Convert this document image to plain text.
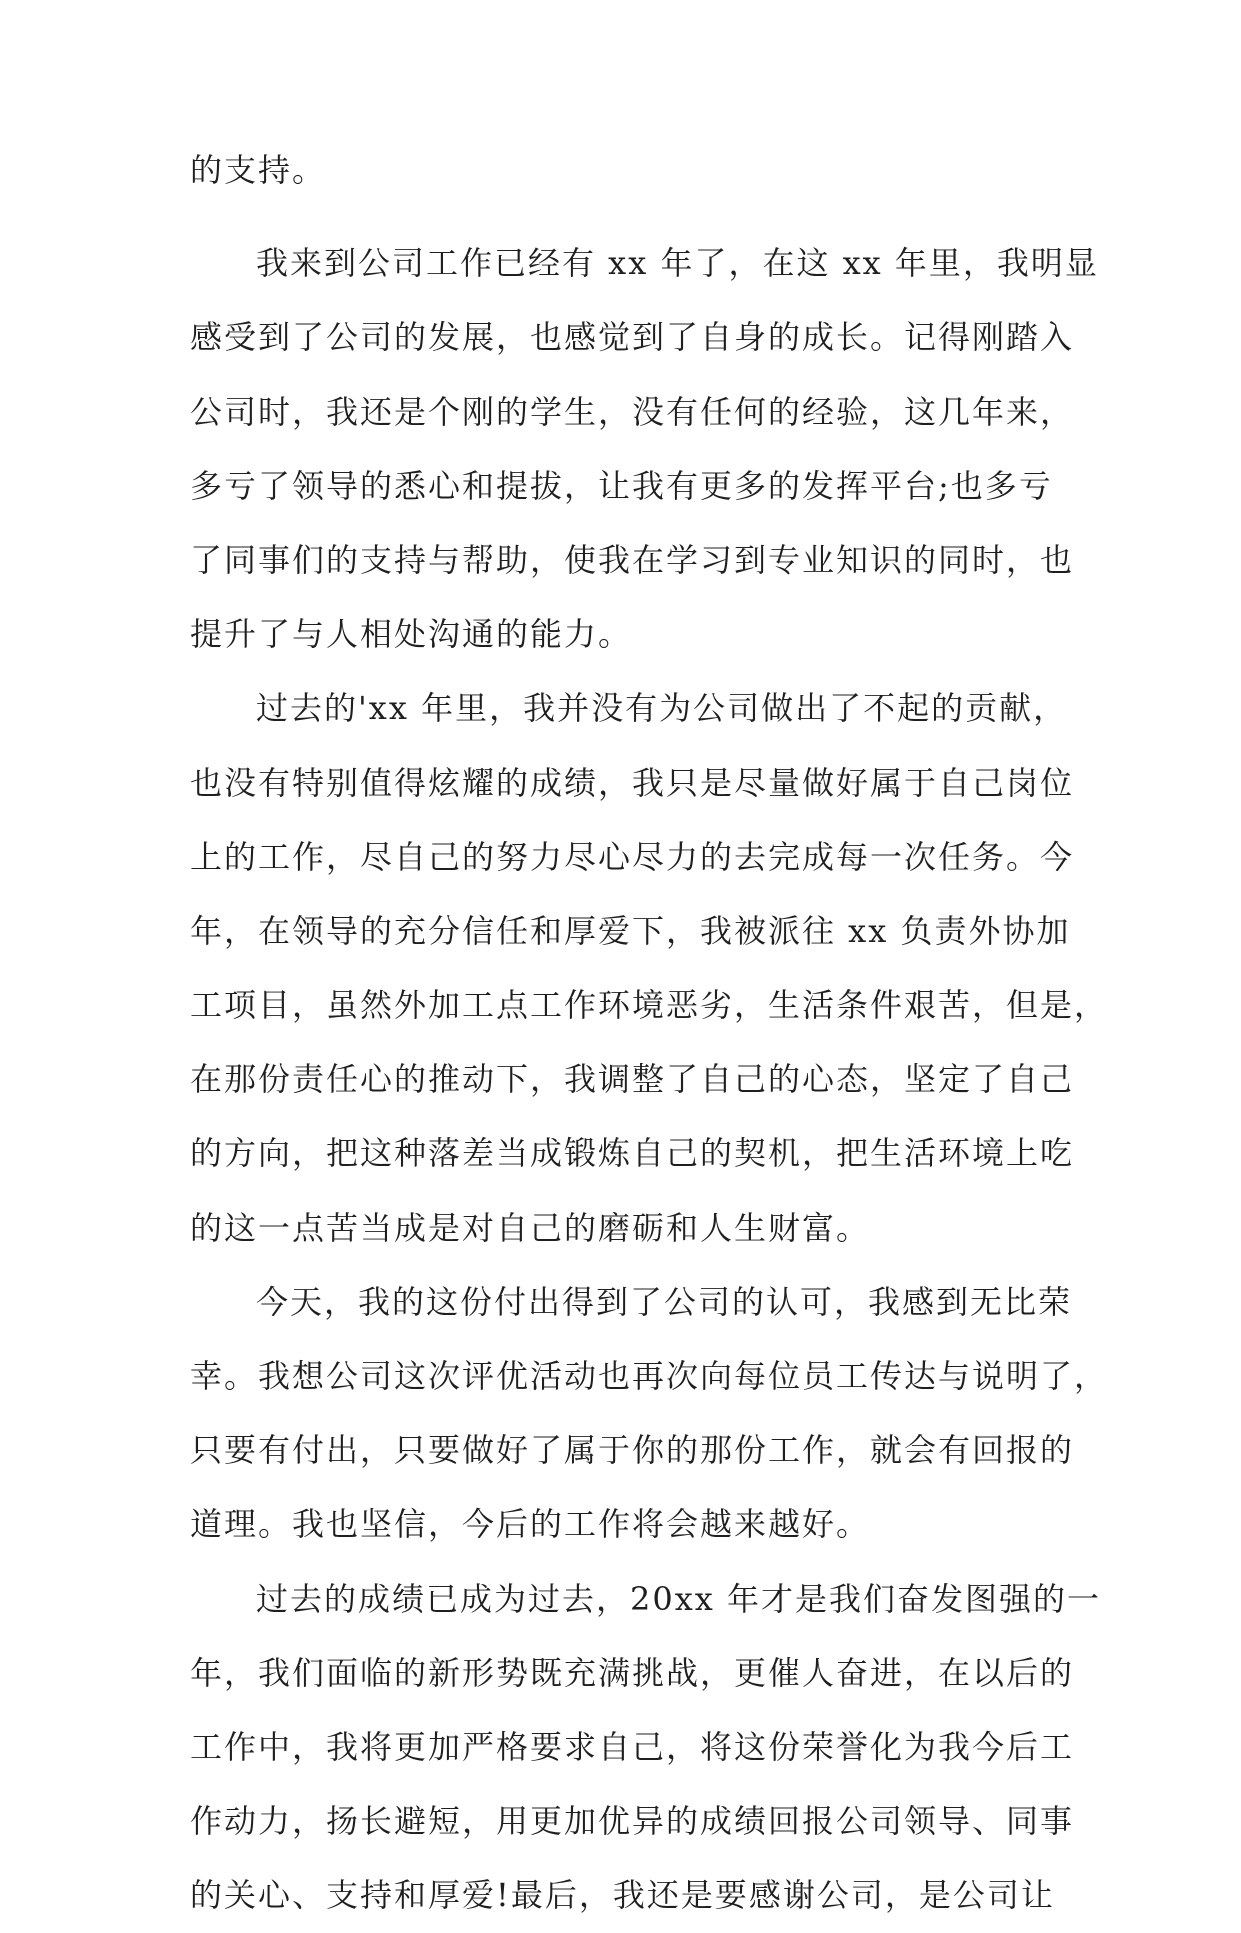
的支持。
我来到公司工作已经有 xx 年了，在这 xx 年里，我明显
感受到了公司的发展，也感觉到了自身的成长。记得刚踏入
公司时，我还是个刚的学生，没有任何的经验，这几年来，
多亏了领导的悉心和提拔，让我有更多的发挥平台;也多亏
了同事们的支持与帮助，使我在学习到专业知识的同时，也
提升了与人相处沟通的能力。
过去的'xx 年里，我并没有为公司做出了不起的贡献，
也没有特别值得炫耀的成绩，我只是尽量做好属于自己岗位
上的工作，尽自己的努力尽心尽力的去完成每一次任务。今
年，在领导的充分信任和厚爱下，我被派往 xx 负责外协加
工项目，虽然外加工点工作环境恶劣，生活条件艰苦，但是，
在那份责任心的推动下，我调整了自己的心态，坚定了自己
的方向，把这种落差当成锻炼自己的契机，把生活环境上吃
的这一点苦当成是对自己的磨砺和人生财富。
今天，我的这份付出得到了公司的认可，我感到无比荣
幸。我想公司这次评优活动也再次向每位员工传达与说明了，
只要有付出，只要做好了属于你的那份工作，就会有回报的
道理。我也坚信，今后的工作将会越来越好。
过去的成绩已成为过去，20xx 年才是我们奋发图强的一
年，我们面临的新形势既充满挑战，更催人奋进，在以后的
工作中，我将更加严格要求自己，将这份荣誉化为我今后工
作动力，扬长避短，用更加优异的成绩回报公司领导、同事
的关心、支持和厚爱!最后，我还是要感谢公司，是公司让
